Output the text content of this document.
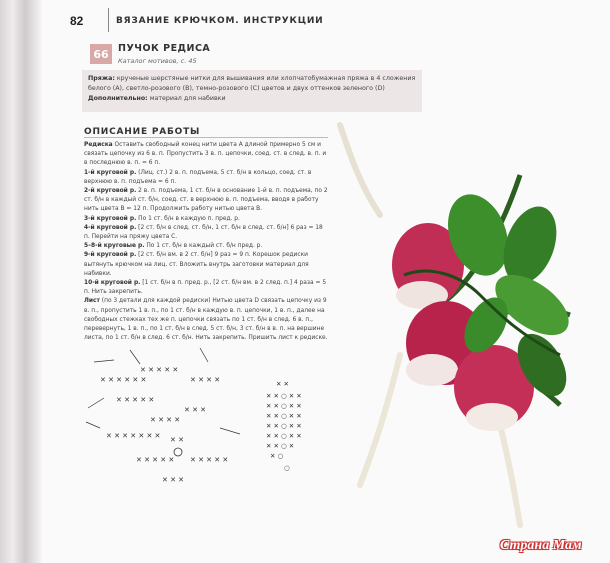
82	ВЯЗАНИЕ КРЮЧКОМ. ИНСТРУКЦИИ
66 ПУЧОК РЕДИСА
Каталог мотивов, с. 45
Пряжа: крученые шерстяные нитки для вышивания или хлопчатобумажная пряжа в 4 сложения белого (А), светло-розового (В), темно-розового (С) цветов и двух оттенков зеленого (D)
Дополнительно: материал для набивки
ОПИСАНИЕ РАБОТЫ

Редиска Оставить свободный конец нити цвета А длиной примерно 5 см и связать цепочку из 6 в. п. Пропустить 3 в. п. цепочки, соед. ст. в след. в. п. и в последнюю в. п. = 6 п.

1-й круговой р. (Лиц. ст.) 2 в. п. подъема, 5 ст. б/н в кольцо, соед. ст. в верхнюю в. п. подъема = 6 п.

2-й круговой р. 2 в. п. подъема, 1 ст. б/н в основание 1-й в. п. подъема, по 2 ст. б/н в каждый ст. б/н, соед. ст. в верхнюю в. п. подъема, вводя в работу нить цвета В = 12 п. Продолжить работу нитью цвета B.

3-й круговой р. По 1 ст. б/н в каждую п. пред. р.

4-й круговой р. [2 ст. б/н в след. ст. б/н, 1 ст. б/н в след. ст. б/н] 6 раз = 18 п. Перейти на пряжу цвета C.

5–8-й круговые р. По 1 ст. б/н в каждый ст. б/н пред. р.

9-й круговой р. [2 ст. б/н вм. в 2 ст. б/н] 9 раз = 9 п. Корешок редиски вытянуть крючком на лиц. ст. Вложить внутрь заготовки материал для набивки.

10-й круговой р. [1 ст. б/н в п. пред. р., [2 ст. б/н вм. в 2 след. п.] 4 раза = 5 п. Нить закрепить.

Лист (по 3 детали для каждой редиски) Нитью цвета D связать цепочку из 9 в. п., пропустить 1 в. п., по 1 ст. б/н в каждую в. п. цепочки, 1 в. п., далее на свободных стежках тех же п. цепочки связать по 1 ст. б/н в след. 6 в. п., перевернуть, 1 в. п., по 1 ст. б/н в след. 5 ст. б/н, 3 ст. б/н в в. п. на вершине листа, по 1 ст. б/н в след. 6 ст. б/н. Нить закрепить. Пришить лист к редиске.

✕ ✕ ✕ ✕ ✕ ✕
✕ ✕ ✕ ✕ ✕
✕ ✕ ✕ ✕ ✕ ✕ ✕
✕ ✕ ✕ ✕ ✕
✕ ✕ ✕ ✕
✕ ✕ ✕
✕ ✕ ✕ ✕ ✕ ✕ ✕ ✕ ✕ ✕
✕ ✕ ✕
✕ ✕ ✕ ✕
✕ ✕
✕ ✕
✕ ✕ ○ ✕ ✕
✕ ✕ ○ ✕ ✕
✕ ✕ ○ ✕ ✕
✕ ✕ ○ ✕ ✕
✕ ✕ ○ ✕ ✕
✕ ✕ ○ ✕
✕ ○
○
Страна Мам
